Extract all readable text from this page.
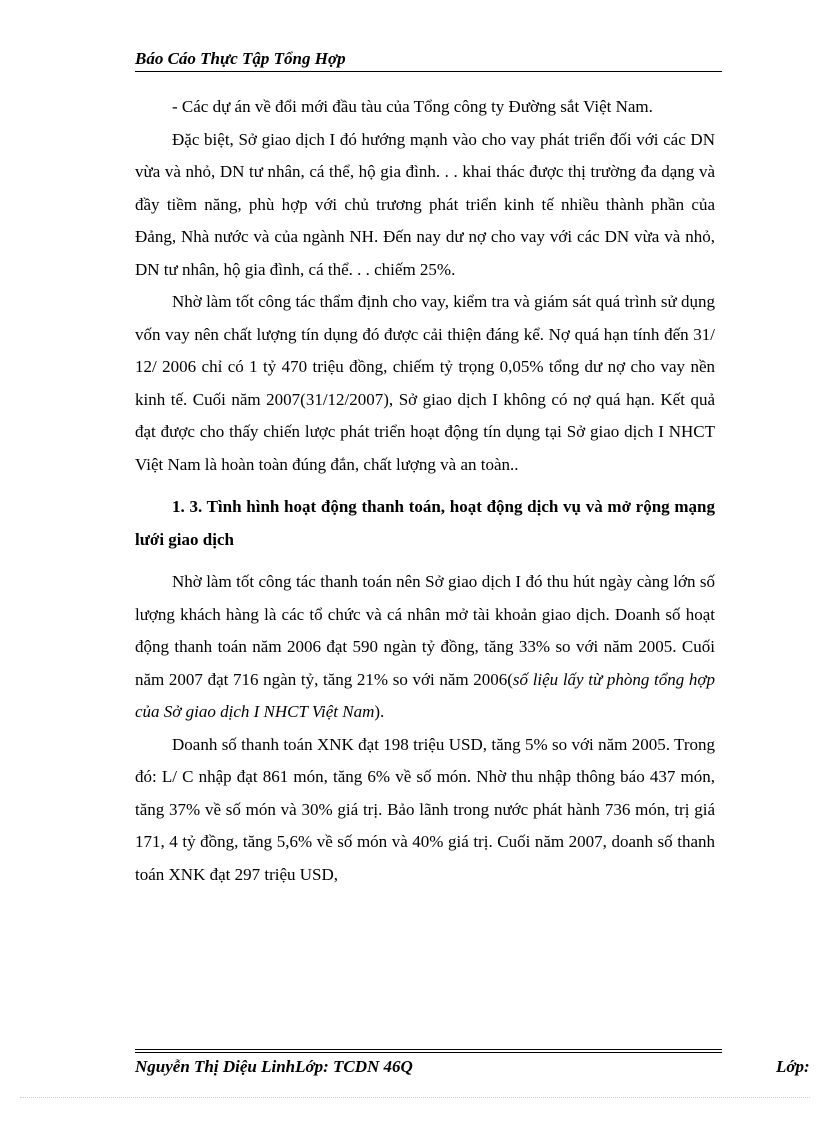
Báo Cáo Thực Tập Tổng Hợp

- Các dự án về đổi mới đầu tàu của Tổng công ty Đường sắt Việt Nam.

Đặc biệt, Sở giao dịch I đó hướng mạnh vào cho vay phát triển đối với các DN vừa và nhỏ, DN tư nhân, cá thể, hộ gia đình. . . khai thác được thị trường đa dạng và đầy tiềm năng, phù hợp với chủ trương phát triển kinh tế nhiều thành phần của Đảng, Nhà nước và của ngành NH. Đến nay dư nợ cho vay với các DN vừa và nhỏ, DN tư nhân, hộ gia đình, cá thể. . . chiếm 25%.

Nhờ làm tốt công tác thẩm định cho vay, kiểm tra và giám sát quá trình sử dụng vốn vay nên chất lượng tín dụng đó được cải thiện đáng kể. Nợ quá hạn tính đến 31/ 12/ 2006 chỉ có 1 tỷ 470 triệu đồng, chiếm tỷ trọng 0,05% tổng dư nợ cho vay nền kinh tế. Cuối năm 2007(31/12/2007), Sở giao dịch I không có nợ quá hạn. Kết quả đạt được cho thấy chiến lược phát triển hoạt động tín dụng tại Sở giao dịch I NHCT Việt Nam là hoàn toàn đúng đắn, chất lượng và an toàn..

1. 3. Tình hình hoạt động thanh toán, hoạt động dịch vụ và mở rộng mạng lưới giao dịch

Nhờ làm tốt công tác thanh toán nên Sở giao dịch I đó thu hút ngày càng lớn số lượng khách hàng là các tổ chức và cá nhân mở tài khoản giao dịch. Doanh số hoạt động thanh toán năm 2006 đạt 590 ngàn tỷ đồng, tăng 33% so với năm 2005. Cuối năm 2007 đạt 716 ngàn tỷ, tăng 21% so với năm 2006(số liệu lấy từ phòng tổng hợp của Sở giao dịch I NHCT Việt Nam).

Doanh số thanh toán XNK đạt 198 triệu USD, tăng 5% so với năm 2005. Trong đó: L/ C nhập đạt 861 món, tăng 6% về số món. Nhờ thu nhập thông báo 437 món, tăng 37% về số món và 30% giá trị. Bảo lãnh trong nước phát hành 736 món, trị giá 171, 4 tỷ đồng, tăng 5,6% về số món và 40% giá trị. Cuối năm 2007, doanh số thanh toán XNK đạt 297 triệu USD,

Nguyễn Thị Diệu LinhLớp: TCDN 46Q	Lớp:
